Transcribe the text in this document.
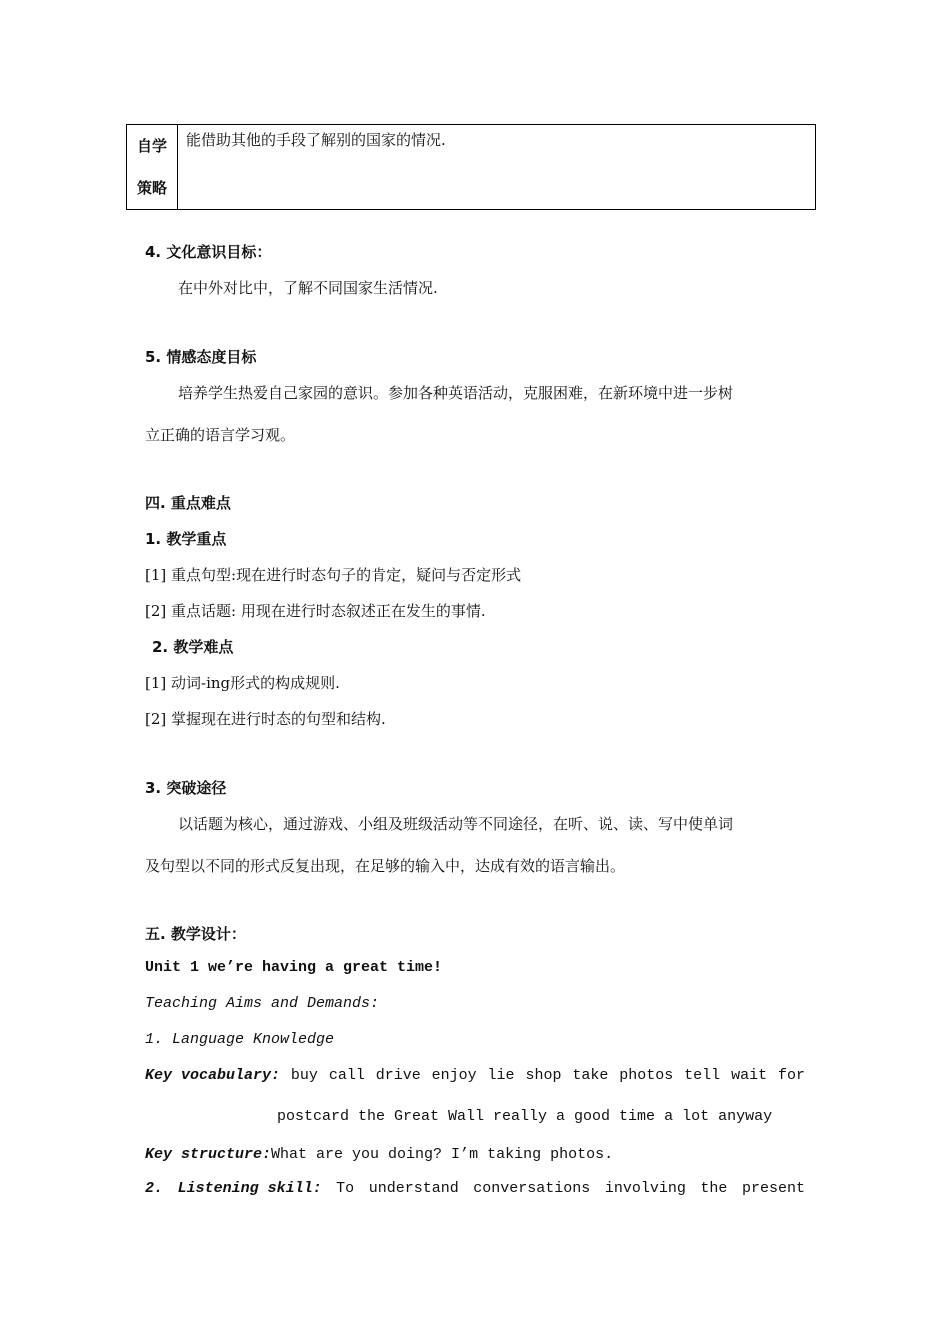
自学
策略
	能借助其他的手段了解别的国家的情况.
4. 文化意识目标：
在中外对比中，了解不同国家生活情况.
5. 情感态度目标
培养学生热爱自己家园的意识。参加各种英语活动，克服困难，在新环境中进一步树
立正确的语言学习观。
四. 重点难点
1. 教学重点
[1] 重点句型:现在进行时态句子的肯定，疑问与否定形式
[2] 重点话题: 用现在进行时态叙述正在发生的事情.
2. 教学难点
[1] 动词-ing形式的构成规则.
[2] 掌握现在进行时态的句型和结构.
3. 突破途径
以话题为核心，通过游戏、小组及班级活动等不同途径，在听、说、读、写中使单词
及句型以不同的形式反复出现，在足够的输入中，达成有效的语言输出。
五. 教学设计：
Unit 1 we’re having a great time!
Teaching Aims and Demands:
1. Language Knowledge
Key vocabulary: buy call drive enjoy lie shop take photos tell wait for
postcard the Great Wall really a good time a lot anyway
Key structure:What are you doing? I’m taking photos.
2. Listening skill: To understand conversations involving the present
